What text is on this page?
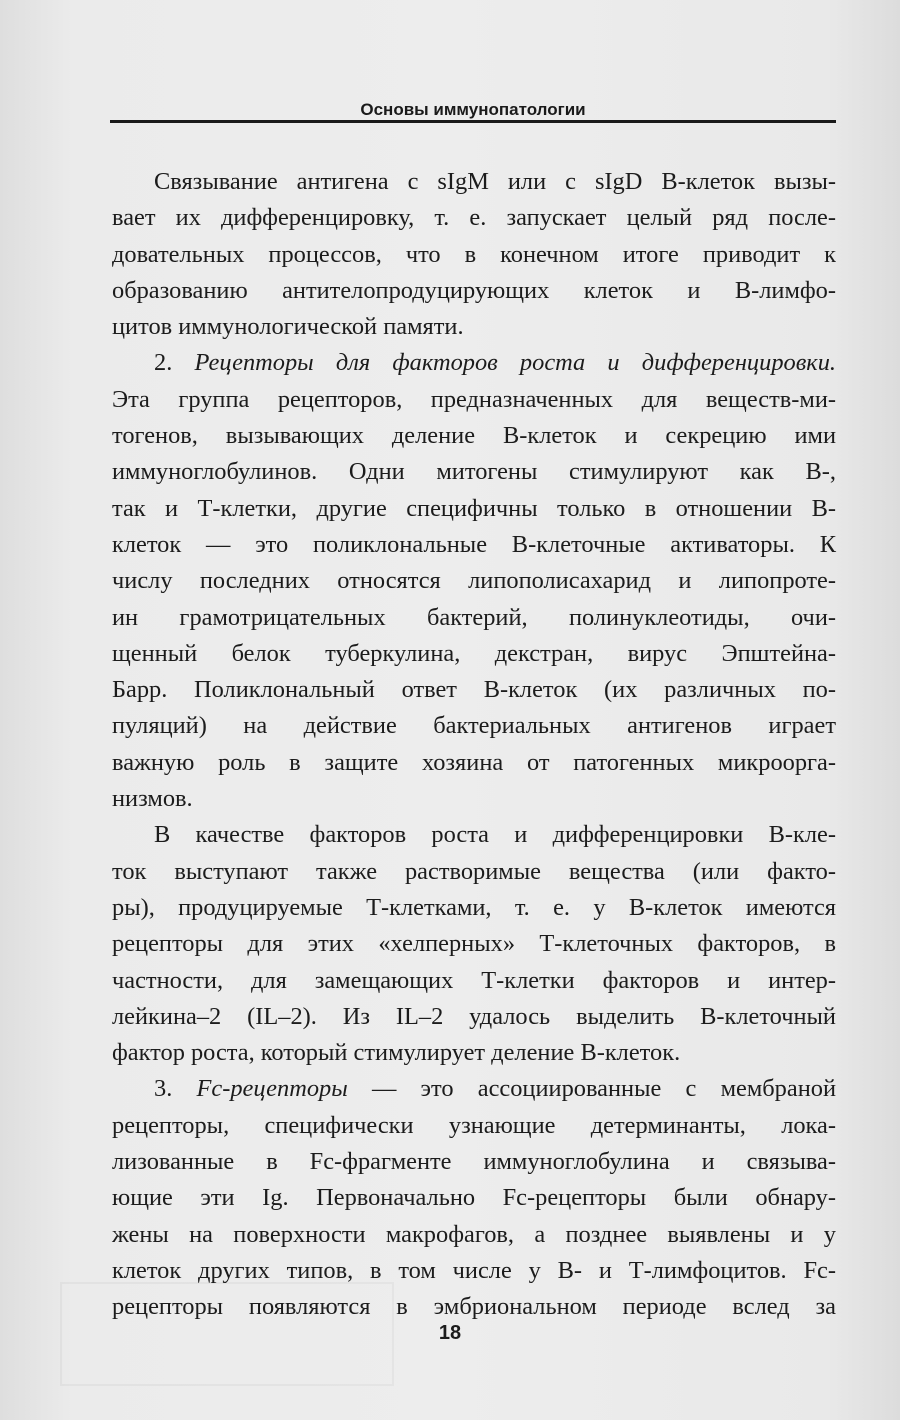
Основы иммунопатологии
Связывание антигена с sIgM или с sIgD В-клеток вызы-
вает их дифференцировку, т. е. запускает целый ряд после-
довательных процессов, что в конечном итоге приводит к
образованию антителопродуцирующих клеток и В-лимфо-
цитов иммунологической памяти.
2. Рецепторы для факторов роста и дифференцировки.
Эта группа рецепторов, предназначенных для веществ-ми-
тогенов, вызывающих деление В-клеток и секрецию ими
иммуноглобулинов. Одни митогены стимулируют как В-,
так и Т-клетки, другие специфичны только в отношении В-
клеток — это поликлональные В-клеточные активаторы. К
числу последних относятся липополисахарид и липопроте-
ин грамотрицательных бактерий, полинуклеотиды, очи-
щенный белок туберкулина, декстран, вирус Эпштейна-
Барр. Поликлональный ответ В-клеток (их различных по-
пуляций) на действие бактериальных антигенов играет
важную роль в защите хозяина от патогенных микроорга-
низмов.
В качестве факторов роста и дифференцировки В-кле-
ток выступают также растворимые вещества (или факто-
ры), продуцируемые Т-клетками, т. е. у В-клеток имеются
рецепторы для этих «хелперных» Т-клеточных факторов, в
частности, для замещающих Т-клетки факторов и интер-
лейкина–2 (IL–2). Из IL–2 удалось выделить В-клеточный
фактор роста, который стимулирует деление В-клеток.
3. Fc-рецепторы — это ассоциированные с мембраной
рецепторы, специфически узнающие детерминанты, лока-
лизованные в Fc-фрагменте иммуноглобулина и связыва-
ющие эти Ig. Первоначально Fc-рецепторы были обнару-
жены на поверхности макрофагов, а позднее выявлены и у
клеток других типов, в том числе у В- и Т-лимфоцитов. Fc-
рецепторы появляются в эмбриональном периоде вслед за
18
